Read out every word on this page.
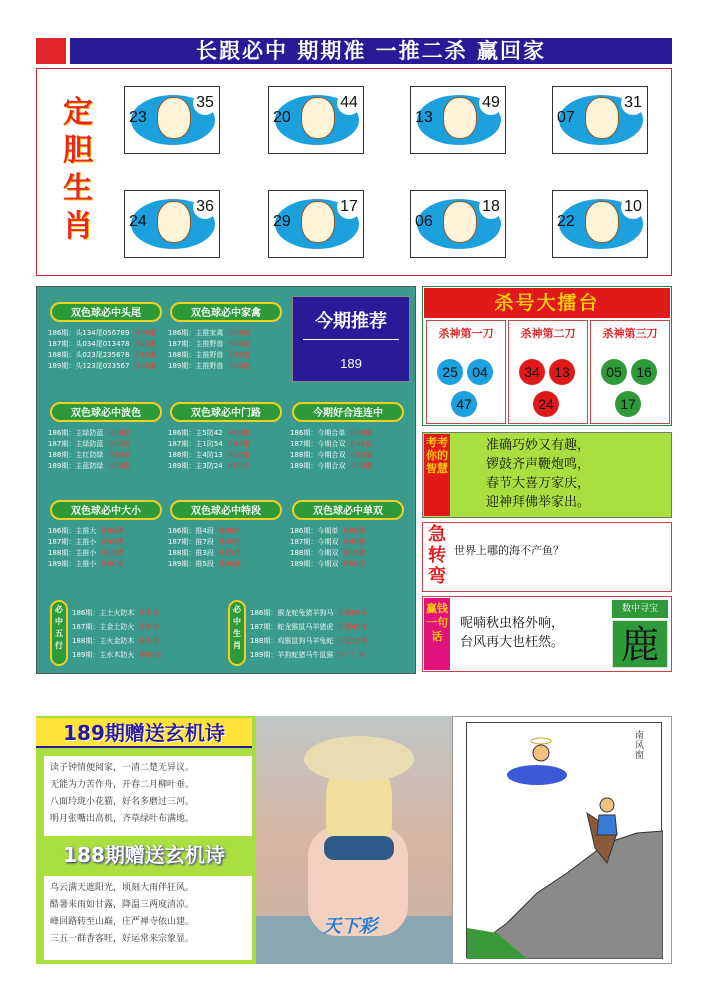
长跟必中 期期准 一推二杀 赢回家
定
胆
生
肖
23
35
20
44
13
49
07
31
24
36
29
17
06
18
22
10
双色球必中头尾
186期：头134尾056789 开08准
187期：头034尾013478 开45准
188期：头023尾235678 开15准
189期：头123尾023567 开00准
双色球必中家禽
186期：主推家禽 开08猪
187期：主推野兽 开45猪
188期：主推野兽 开15猪
189期：主推野兽 开00准
双色球必中波色
186期：主绿防蓝 开08猪
187期：主绿防蓝 开45猪
188期：主红防绿 开15猪
189期：主蓝防绿 开00准
双色球必中门路
186期：主5防42 开08猪
187期：主1防54 开45猪
188期：主4防13 开15猪
189期：主3防24 开00准
今期好合连连中
186期：今期合单 开08猪
187期：今期合双 开45猪
188期：今期合双 开15猪
189期：今期合双 开00准
双色球必中大小
186期：主推大 开08猪
187期：主推小 开45猪
188期：主推小 开15猪
189期：主推小 开00准
双色球必中特段
186期：推4段 开08猪
187期：推7段 开45猪
188期：推3段 开15猪
189期：推5段 开00准
双色球必中单双
186期：今期单 开08猪
187期：今期双 开45猪
188期：今期双 开15猪
189期：今期双 开00准
必中五行
186期：主土火防木 开木准
187期：主金土防火 开木准
188期：主火金防木 开木准
189期：主水木防火 开00准
必中生肖
186期：猴龙蛇兔猪羊狗马 开狗08准
187期：蛇龙猴鼠马羊猪虎 开猪45准
188期：鸡猴鼠狗马羊兔蛇 开鼠15准
189期：羊狗蛇猪马牛鼠猴 开？？准
今期推荐
189
杀号大擂台
杀神第一刀
25	04
47
杀神第二刀
34	13
24
杀神第三刀
05	16
17
考考你的智慧
准确巧妙又有趣，
锣鼓齐声鞭炮鸣，
春节大喜万家庆，
迎神拜佛举家出。
急转弯
世界上哪的海不产鱼？
赢钱一句话
呢喃秋虫格外响，
台风再大也枉然。
数中寻宝
鹿
189期赠送玄机诗
读子钟情便阅家，一清二楚无异议。
无能为力苦作舟，开春二月柳叶垂。
八面玲珑小花猫，好名多磨过三河。
明月张嘴出高机，齐草绿叶布满地。
188期赠送玄机诗
乌云满天遮阳光，顷刻大雨伴狂风。
酷暑来雨如甘露，降温三两度清凉。
峰回路转至山巅，庄严禅寺依山建。
三五一群香客旺，好运常来宗象显。
天下彩
南风窗
